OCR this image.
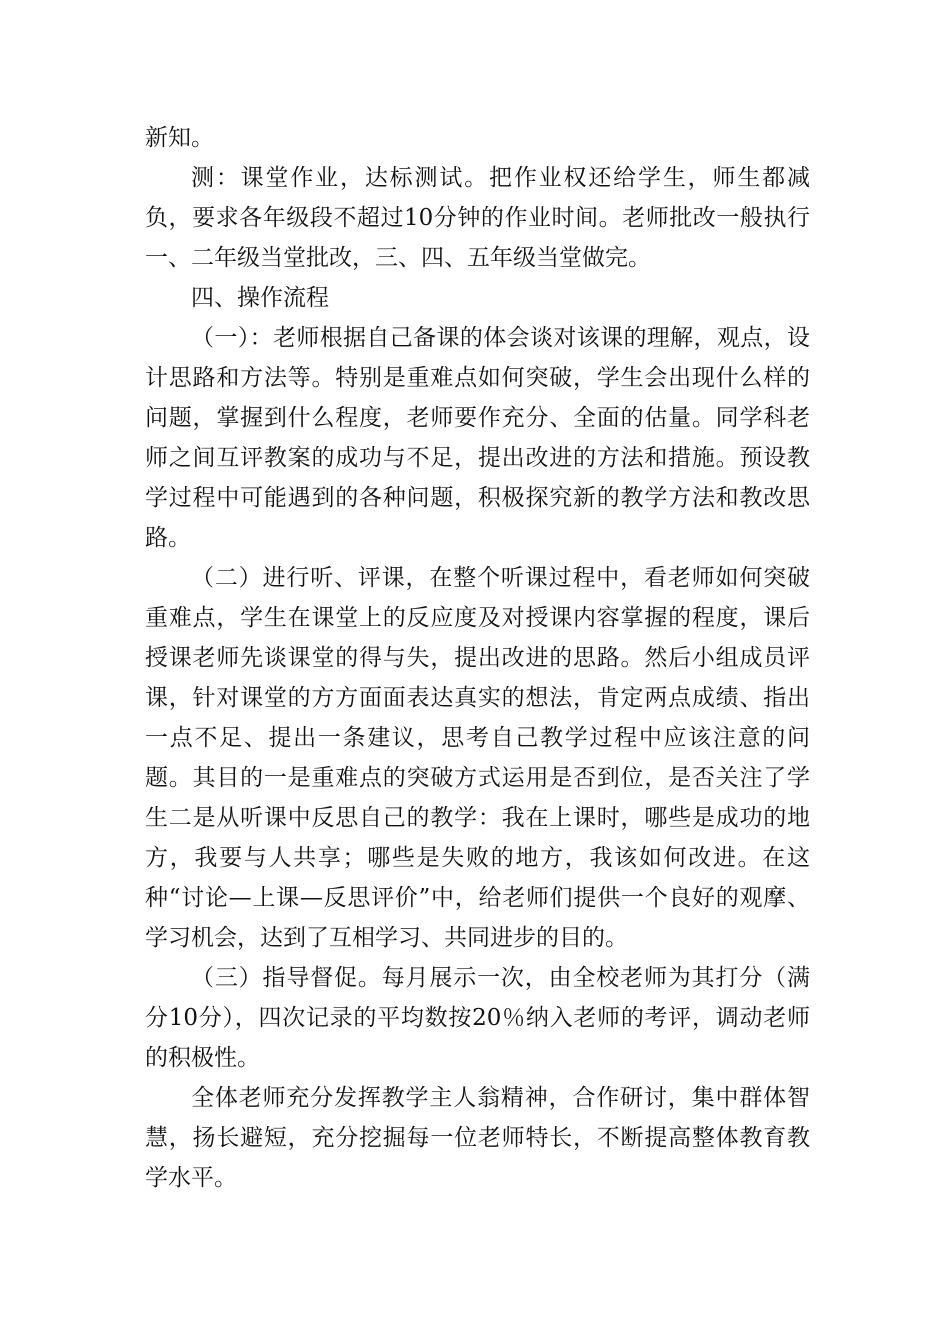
新知。

测：课堂作业，达标测试。把作业权还给学生，师生都减负，要求各年级段不超过10分钟的作业时间。老师批改一般执行一、二年级当堂批改，三、四、五年级当堂做完。

四、操作流程

（一）：老师根据自己备课的体会谈对该课的理解，观点，设计思路和方法等。特别是重难点如何突破，学生会出现什么样的问题，掌握到什么程度，老师要作充分、全面的估量。同学科老师之间互评教案的成功与不足，提出改进的方法和措施。预设教学过程中可能遇到的各种问题，积极探究新的教学方法和教改思路。

（二）进行听、评课，在整个听课过程中，看老师如何突破重难点，学生在课堂上的反应度及对授课内容掌握的程度，课后授课老师先谈课堂的得与失，提出改进的思路。然后小组成员评课，针对课堂的方方面面表达真实的想法，肯定两点成绩、指出一点不足、提出一条建议，思考自己教学过程中应该注意的问题。其目的一是重难点的突破方式运用是否到位，是否关注了学生二是从听课中反思自己的教学：我在上课时，哪些是成功的地方，我要与人共享；哪些是失败的地方，我该如何改进。在这种“讨论—上课—反思评价”中，给老师们提供一个良好的观摩、学习机会，达到了互相学习、共同进步的目的。

（三）指导督促。每月展示一次，由全校老师为其打分（满分10分），四次记录的平均数按20％纳入老师的考评，调动老师的积极性。

全体老师充分发挥教学主人翁精神，合作研讨，集中群体智慧，扬长避短，充分挖掘每一位老师特长，不断提高整体教育教学水平。
